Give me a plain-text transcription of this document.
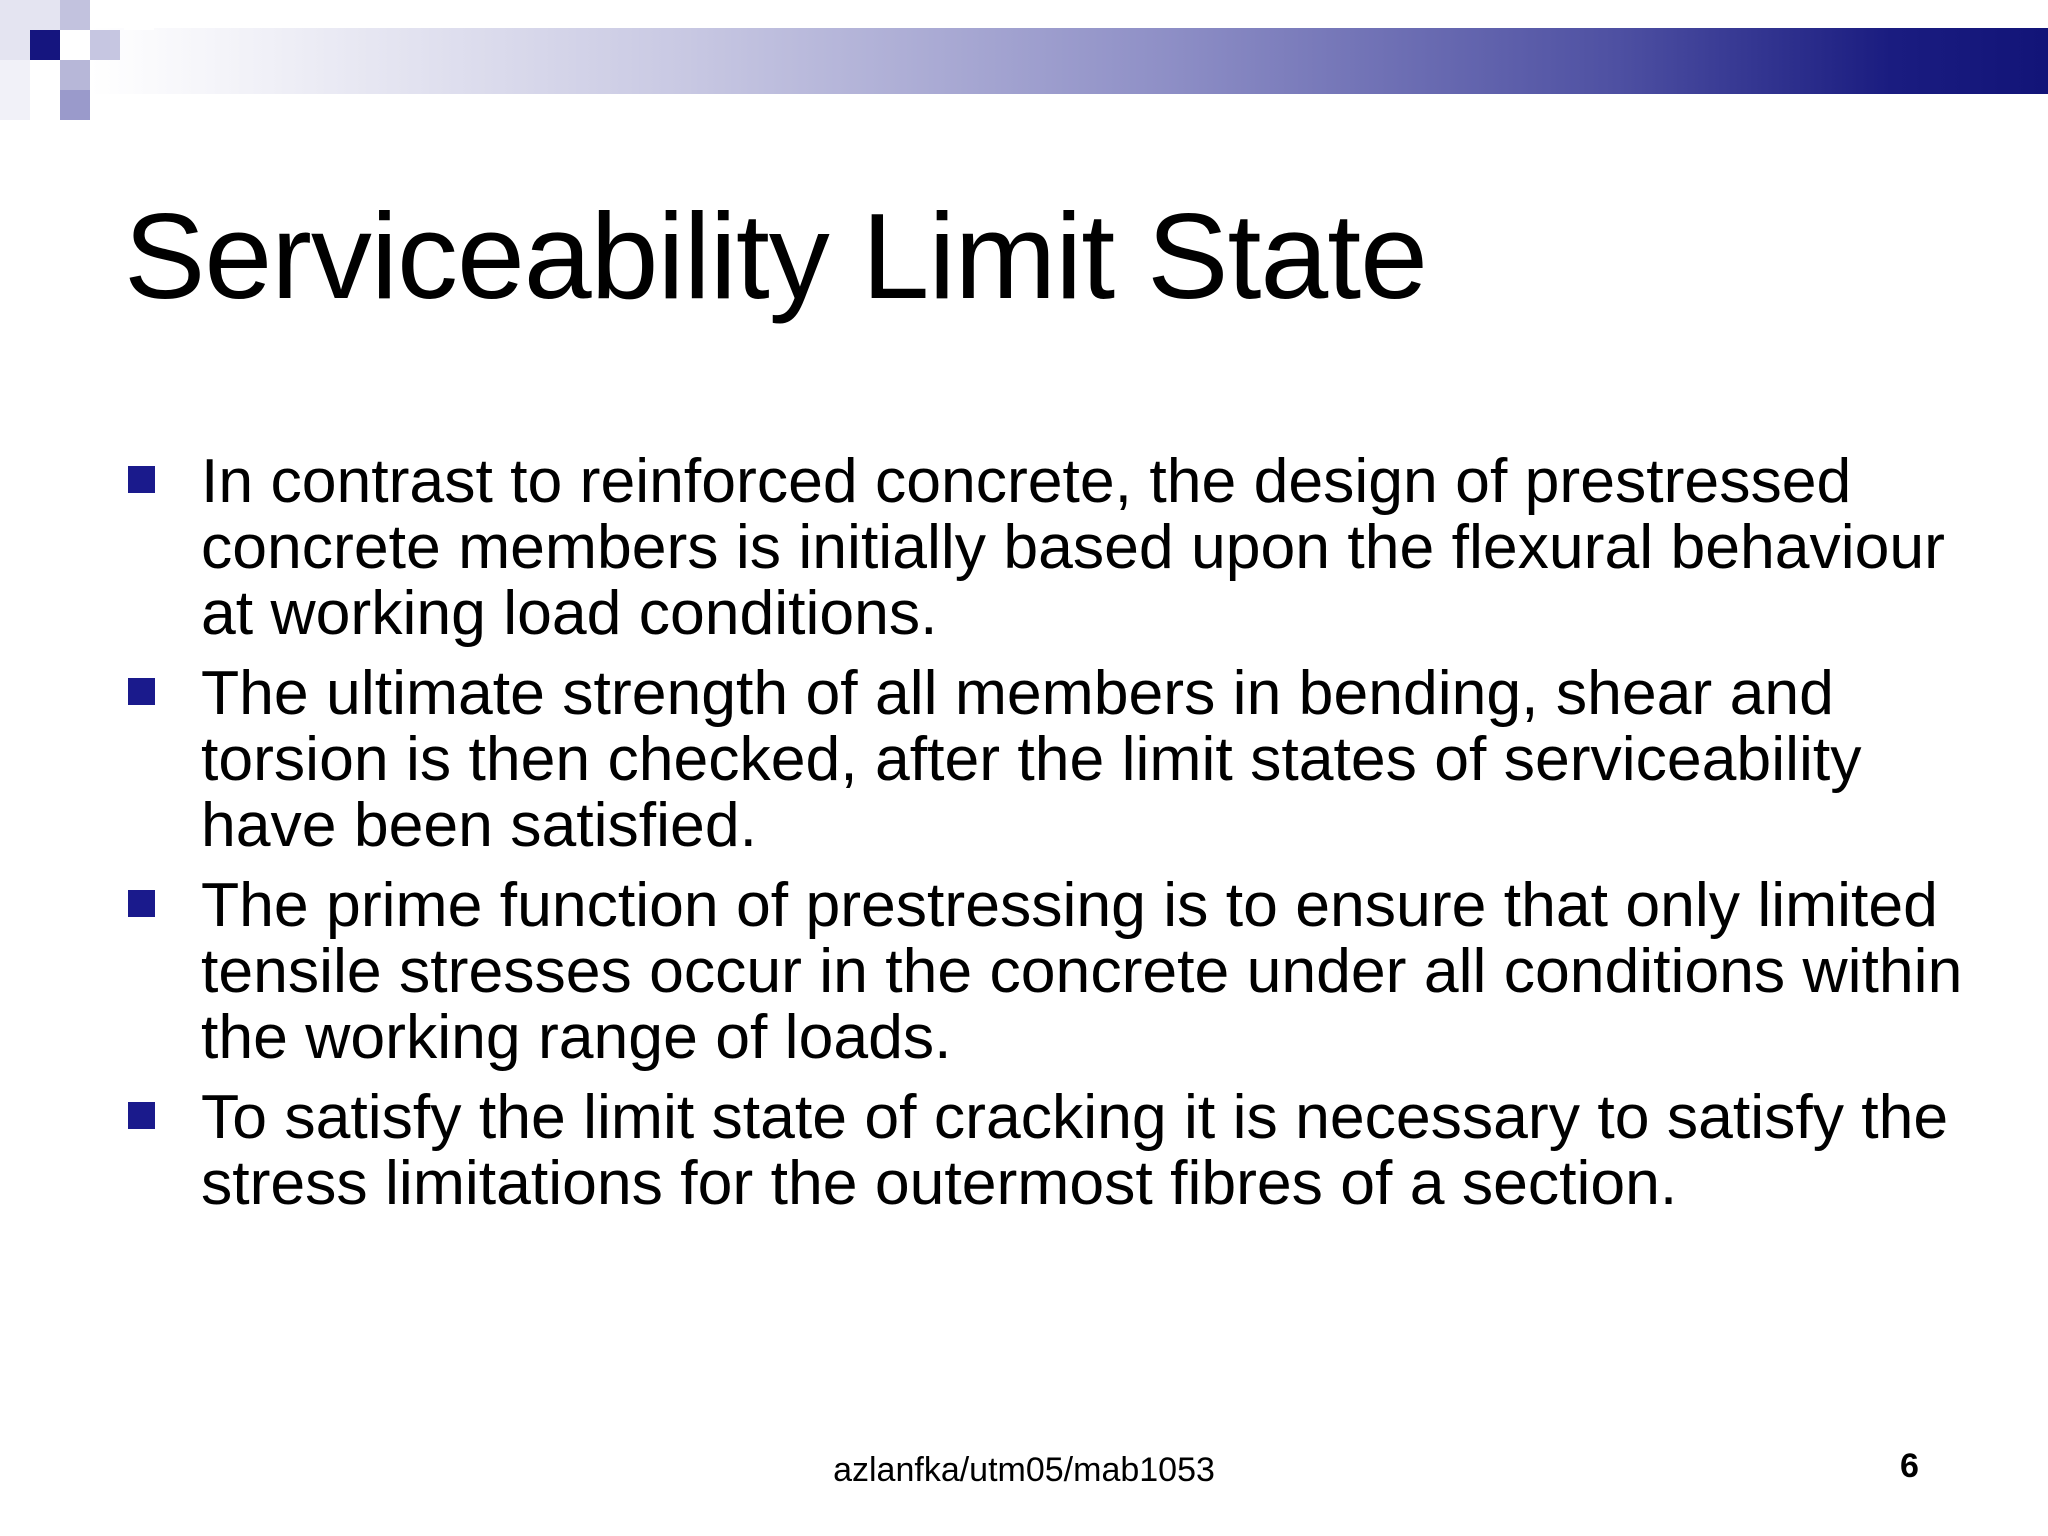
Serviceability Limit State
In contrast to reinforced concrete, the design of prestressed concrete members is initially based upon the flexural behaviour at working load conditions.
The ultimate strength of all members in bending, shear and torsion is then checked, after the limit states of serviceability have been satisfied.
The prime function of prestressing is to ensure that only limited tensile stresses occur in the concrete under all conditions within the working range of loads.
To satisfy the limit state of cracking it is necessary to satisfy the stress limitations for the outermost fibres of a section.
azlanfka/utm05/mab1053	6
